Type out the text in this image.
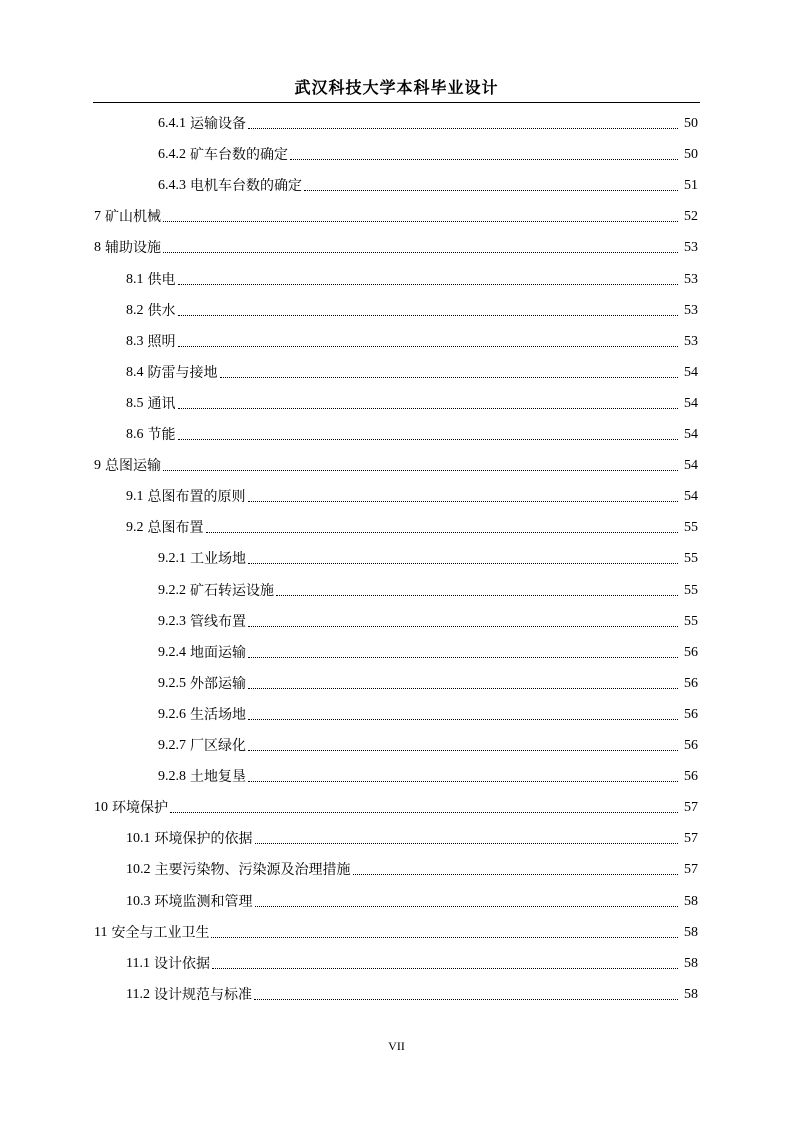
武汉科技大学本科毕业设计
6.4.1 运输设备	50
6.4.2 矿车台数的确定	50
6.4.3 电机车台数的确定	51
7 矿山机械	52
8 辅助设施	53
8.1 供电	53
8.2 供水	53
8.3 照明	53
8.4 防雷与接地	54
8.5 通讯	54
8.6 节能	54
9 总图运输	54
9.1 总图布置的原则	54
9.2 总图布置	55
9.2.1 工业场地	55
9.2.2 矿石转运设施	55
9.2.3 管线布置	55
9.2.4 地面运输	56
9.2.5 外部运输	56
9.2.6 生活场地	56
9.2.7 厂区绿化	56
9.2.8 土地复垦	56
10 环境保护	57
10.1 环境保护的依据	57
10.2 主要污染物、污染源及治理措施	57
10.3 环境监测和管理	58
11 安全与工业卫生	58
11.1 设计依据	58
11.2 设计规范与标准	58
VII
